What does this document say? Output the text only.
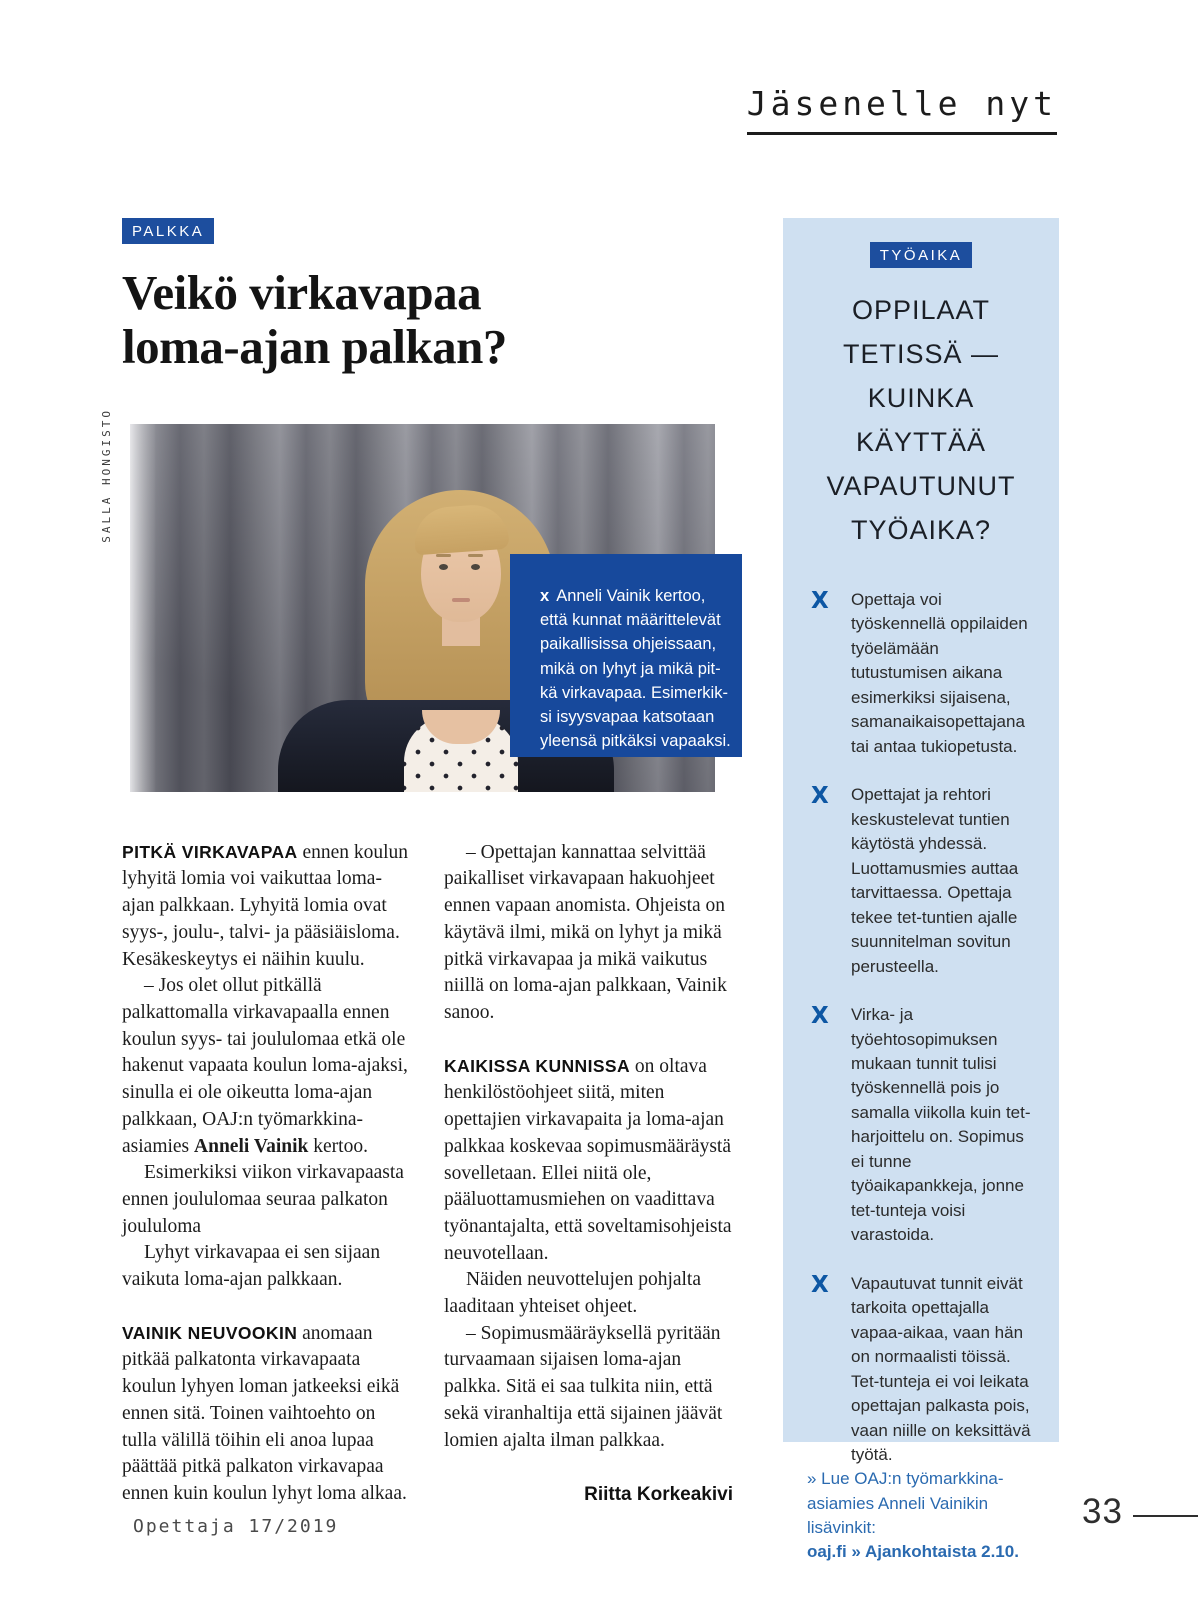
Jäsenelle nyt
PALKKA
Veikö virkavapaa
loma-ajan palkan?
SALLA HONGISTO
x Anneli Vainik kertoo,
että kunnat määrittelevät
paikallisissa ohjeissaan,
mikä on lyhyt ja mikä pit-
kä virkavapaa. Esimerkik-
si isyysvapaa katsotaan
yleensä pitkäksi vapaaksi.

PITKÄ VIRKAVAPAA ennen koulun lyhyitä lomia voi vaikuttaa loma-ajan palkkaan. Lyhyitä lomia ovat syys-, joulu-, talvi- ja pääsiäisloma. Kesäkeskeytys ei näihin kuulu.

– Jos olet ollut pitkällä palkattomalla virkavapaalla ennen koulun syys- tai joululomaa etkä ole hakenut vapaata koulun loma-ajaksi, sinulla ei ole oikeutta loma-ajan palkkaan, OAJ:n työmarkkina-asiamies Anneli Vainik kertoo.

Esimerkiksi viikon virkavapaasta ennen joululomaa seuraa palkaton joululoma

Lyhyt virkavapaa ei sen sijaan vaikuta loma-ajan palkkaan.

VAINIK NEUVOOKIN anomaan pitkää palkatonta virkavapaata koulun lyhyen loman jatkeeksi eikä ennen sitä. Toinen vaihtoehto on tulla välillä töihin eli anoa lupaa päättää pitkä palkaton virkavapaa ennen kuin koulun lyhyt loma alkaa.

– Opettajan kannattaa selvittää paikalliset virkavapaan hakuohjeet ennen vapaan anomista. Ohjeista on käytävä ilmi, mikä on lyhyt ja mikä pitkä virkavapaa ja mikä vaikutus niillä on loma-ajan palkkaan, Vainik sanoo.

KAIKISSA KUNNISSA on oltava henkilöstöohjeet siitä, miten opettajien virkavapaita ja loma-ajan palkkaa koskevaa sopimusmääräystä sovelletaan. Ellei niitä ole, pääluottamusmiehen on vaadittava työnantajalta, että soveltamisohjeista neuvotellaan.

Näiden neuvottelujen pohjalta laaditaan yhteiset ohjeet.

– Sopimusmääräyksellä pyritään turvaamaan sijaisen loma-ajan palkka. Sitä ei saa tulkita niin, että sekä viranhaltija että sijainen jäävät lomien ajalta ilman palkkaa.

Riitta Korkeakivi
TYÖAIKA
OPPILAAT
TETISSÄ —
KUINKA KÄYTTÄÄ
VAPAUTUNUT
TYÖAIKA?
X	Opettaja voi työskennellä oppilaiden työelämään tutustumisen aikana esimerkiksi sijaisena, samanaikaisopettajana tai antaa tukiopetusta.
X	Opettajat ja rehtori keskustelevat tuntien käytöstä yhdessä. Luottamusmies auttaa tarvittaessa. Opettaja tekee tet-tuntien ajalle suunnitelman sovitun perusteella.
X	Virka- ja työehtosopimuksen mukaan tunnit tulisi työskennellä pois jo samalla viikolla kuin tet-harjoittelu on. Sopimus ei tunne työaikapankkeja, jonne tet-tunteja voisi varastoida.
X	Vapautuvat tunnit eivät tarkoita opettajalla vapaa-aikaa, vaan hän on normaalisti töissä. Tet-tunteja ei voi leikata opettajan palkasta pois, vaan niille on keksittävä työtä.
» Lue OAJ:n työmarkkina-asiamies Anneli Vainikin lisävinkit:
oaj.fi » Ajankohtaista 2.10.
Opettaja 17/2019	33
